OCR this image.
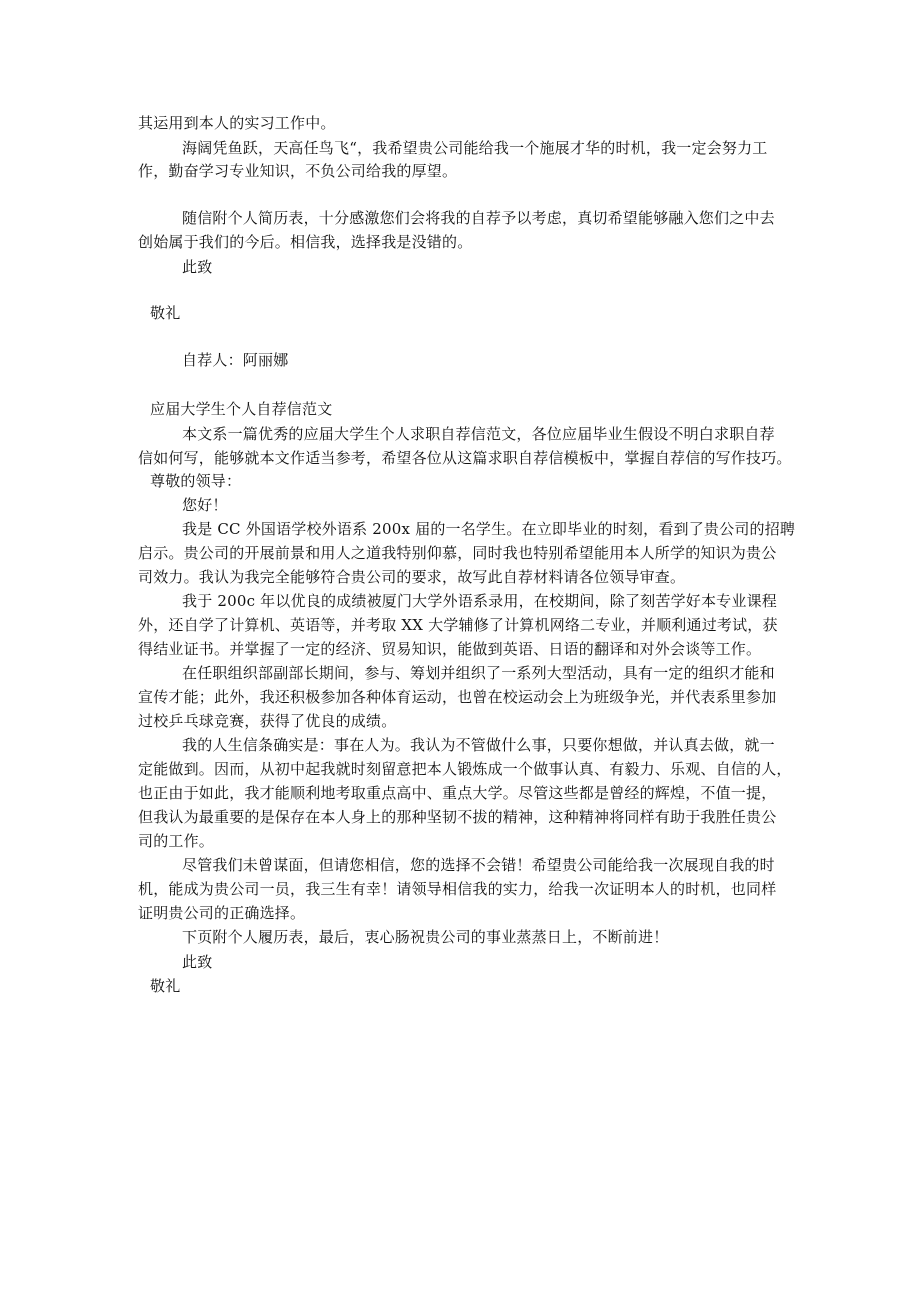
其运用到本人的实习工作中。
海阔凭鱼跃，天高任鸟飞“，我希望贵公司能给我一个施展才华的时机，我一定会努力工
作，勤奋学习专业知识，不负公司给我的厚望。
随信附个人简历表，十分感激您们会将我的自荐予以考虑，真切希望能够融入您们之中去
创始属于我们的今后。相信我，选择我是没错的。
此致
敬礼
自荐人：阿丽娜
应届大学生个人自荐信范文
本文系一篇优秀的应届大学生个人求职自荐信范文，各位应届毕业生假设不明白求职自荐
信如何写，能够就本文作适当参考，希望各位从这篇求职自荐信模板中，掌握自荐信的写作技巧。
尊敬的领导：
您好！
我是 CC 外国语学校外语系 200x 届的一名学生。在立即毕业的时刻，看到了贵公司的招聘
启示。贵公司的开展前景和用人之道我特别仰慕，同时我也特别希望能用本人所学的知识为贵公
司效力。我认为我完全能够符合贵公司的要求，故写此自荐材料请各位领导审查。
我于 200c 年以优良的成绩被厦门大学外语系录用，在校期间，除了刻苦学好本专业课程
外，还自学了计算机、英语等，并考取 XX 大学辅修了计算机网络二专业，并顺利通过考试，获
得结业证书。并掌握了一定的经济、贸易知识，能做到英语、日语的翻译和对外会谈等工作。
在任职组织部副部长期间，参与、筹划并组织了一系列大型活动，具有一定的组织才能和
宣传才能；此外，我还积极参加各种体育运动，也曾在校运动会上为班级争光，并代表系里参加
过校乒乓球竞赛，获得了优良的成绩。
我的人生信条确实是：事在人为。我认为不管做什么事，只要你想做，并认真去做，就一
定能做到。因而，从初中起我就时刻留意把本人锻炼成一个做事认真、有毅力、乐观、自信的人，
也正由于如此，我才能顺利地考取重点高中、重点大学。尽管这些都是曾经的辉煌，不值一提，
但我认为最重要的是保存在本人身上的那种坚韧不拔的精神，这种精神将同样有助于我胜任贵公
司的工作。
尽管我们未曾谋面，但请您相信，您的选择不会错！希望贵公司能给我一次展现自我的时
机，能成为贵公司一员，我三生有幸！请领导相信我的实力，给我一次证明本人的时机，也同样
证明贵公司的正确选择。
下页附个人履历表，最后，衷心肠祝贵公司的事业蒸蒸日上，不断前进！
此致
敬礼
